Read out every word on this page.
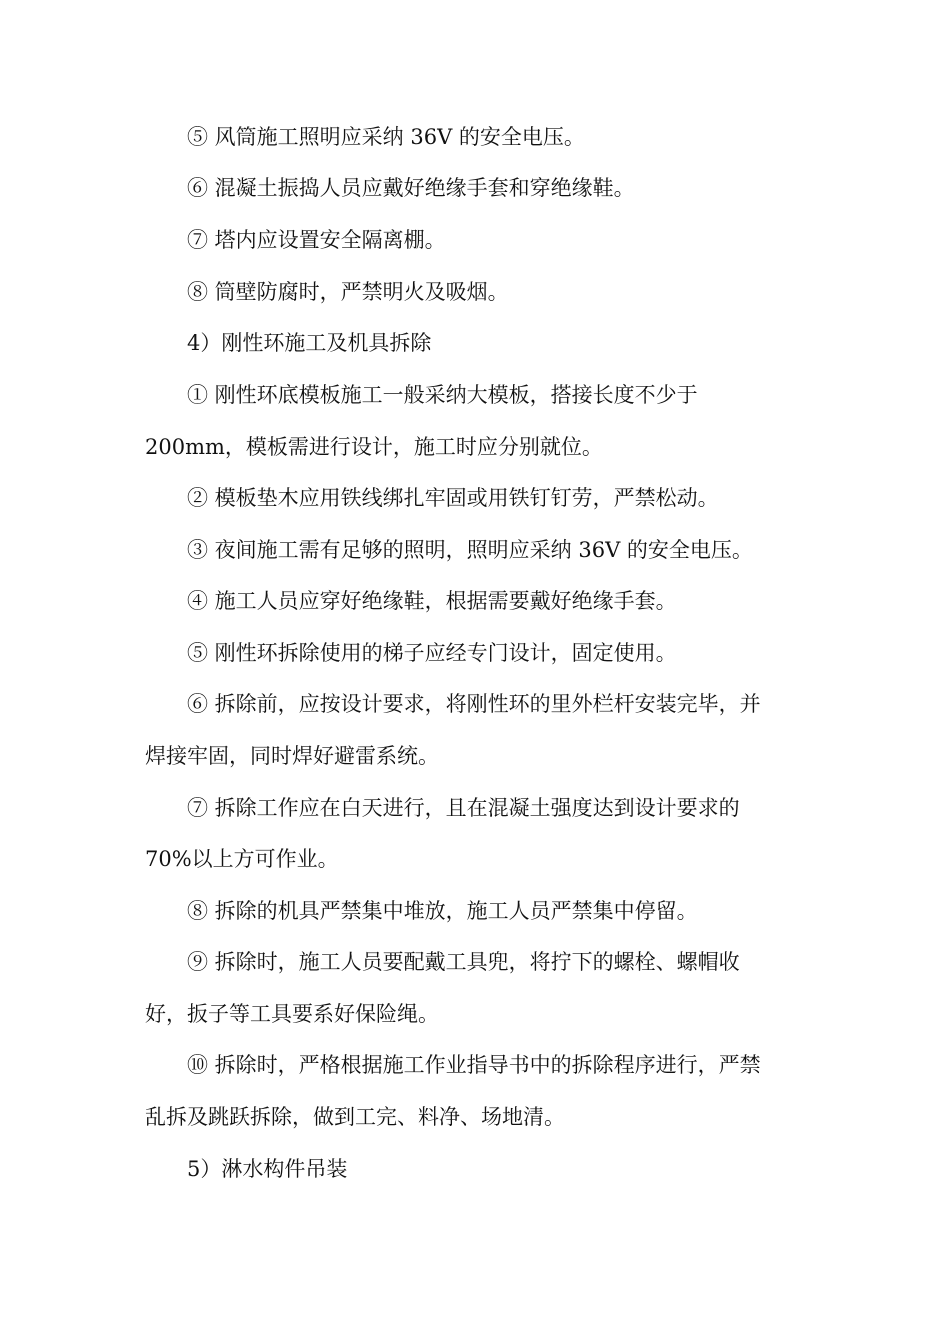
⑤ 风筒施工照明应采纳 36V 的安全电压。
⑥ 混凝土振捣人员应戴好绝缘手套和穿绝缘鞋。
⑦ 塔内应设置安全隔离棚。
⑧ 筒壁防腐时，严禁明火及吸烟。
4）刚性环施工及机具拆除
① 刚性环底模板施工一般采纳大模板，搭接长度不少于
200mm，模板需进行设计，施工时应分别就位。
② 模板垫木应用铁线绑扎牢固或用铁钉钉劳，严禁松动。
③ 夜间施工需有足够的照明，照明应采纳 36V 的安全电压。
④ 施工人员应穿好绝缘鞋，根据需要戴好绝缘手套。
⑤ 刚性环拆除使用的梯子应经专门设计，固定使用。
⑥ 拆除前，应按设计要求，将刚性环的里外栏杆安装完毕，并
焊接牢固，同时焊好避雷系统。
⑦ 拆除工作应在白天进行，且在混凝土强度达到设计要求的
70%以上方可作业。
⑧ 拆除的机具严禁集中堆放，施工人员严禁集中停留。
⑨ 拆除时，施工人员要配戴工具兜，将拧下的螺栓、螺帽收
好，扳子等工具要系好保险绳。
⑩ 拆除时，严格根据施工作业指导书中的拆除程序进行，严禁
乱拆及跳跃拆除，做到工完、料净、场地清。
5）淋水构件吊装
